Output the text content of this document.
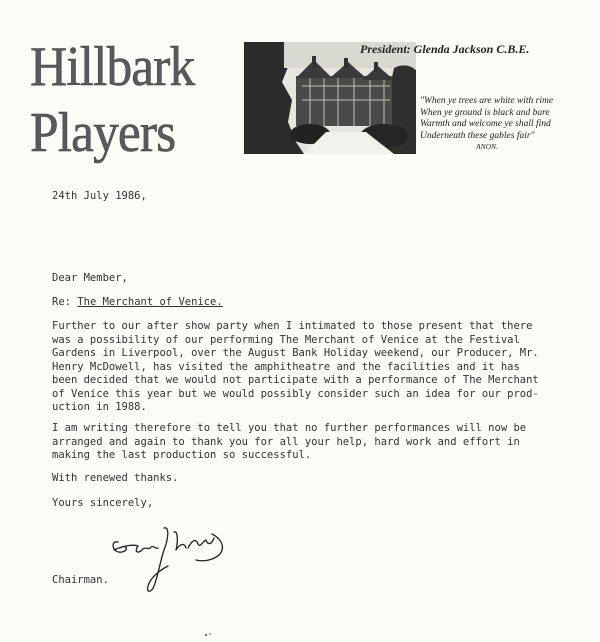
Hillbark
Players
President: Glenda Jackson C.B.E.
"When ye trees are white with rime
When ye ground is black and bare
Warmth and welcome ye shall find
Underneath these gables fair"
ANON.
24th July 1986,
Dear Member,
Re: The Merchant of Venice.
Further to our after show party when I intimated to those present that there
was a possibility of our performing The Merchant of Venice at the Festival
Gardens in Liverpool, over the August Bank Holiday weekend, our Producer, Mr.
Henry McDowell, has visited the amphitheatre and the facilities and it has
been decided that we would not participate with a performance of The Merchant
of Venice this year but we would possibly consider such an idea for our prod-
uction in 1988.
I am writing therefore to tell you that no further performances will now be
arranged and again to thank you for all your help, hard work and effort in
making the last production so successful.
With renewed thanks.
Yours sincerely,
Chairman.
